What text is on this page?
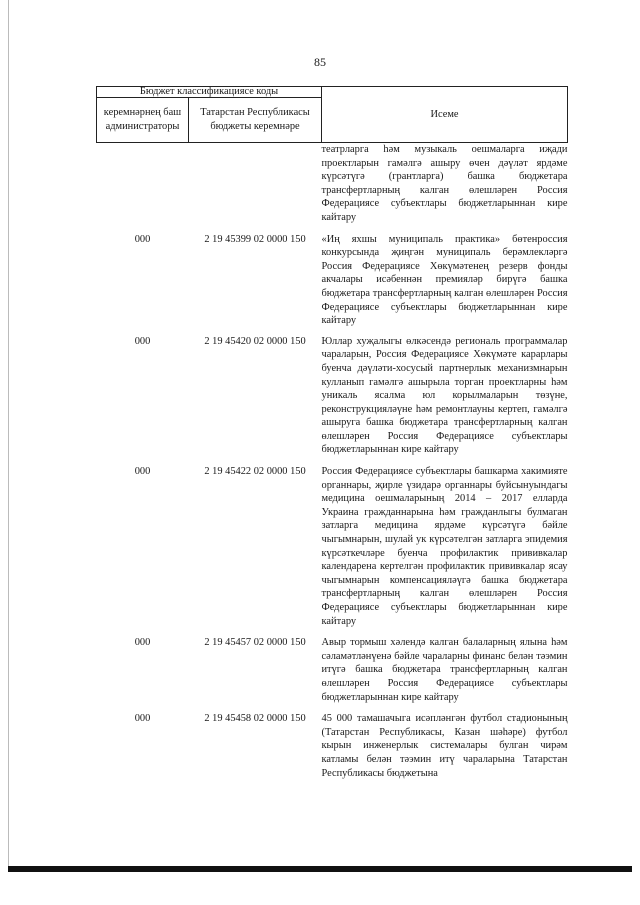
85
Бюджет классификациясе коды		Исеме
керемнәрнең баш администраторы	Татарстан Республикасы бюджеты керемнәре	
		театрларга һәм музыкаль оешмаларга иҗади проектларын гамәлгә ашыру өчен дәүләт ярдәме күрсәтүгә (грантларга) башка бюджетара трансфертларның калган өлешләрен Россия Федерациясе субъектлары бюджетларыннан кире кайтару
000	2 19 45399 02 0000 150	«Иң яхшы муниципаль практика» бөтенроссия конкурсында җиңгән муниципаль берәмлекләргә Россия Федерациясе Хөкүмәтенең резерв фонды акчалары исәбеннән премияләр бирүгә башка бюджетара трансфертларның калган өлешләрен Россия Федерациясе субъектлары бюджетларыннан кире кайтару
000	2 19 45420 02 0000 150	Юллар хуҗалыгы өлкәсендә региональ программалар чараларын, Россия Федерациясе Хөкүмәте карарлары буенча дәүләти-хосусый партнерлык механизмнарын кулланып гамәлгә ашырыла торган проектларны һәм уникаль ясалма юл корылмаларын төзүне, реконструкцияләүне һәм ремонтлауны кертеп, гамәлгә ашыруга башка бюджетара трансфертларның калган өлешләрен Россия Федерациясе субъектлары бюджетларыннан кире кайтару
000	2 19 45422 02 0000 150	Россия Федерациясе субъектлары башкарма хакимияте органнары, җирле үзидарә органнары буйсынуындагы медицина оешмаларының 2014 – 2017 елларда Украина гражданнарына һәм гражданлыгы булмаган затларга медицина ярдәме күрсәтүгә бәйле чыгымнарын, шулай ук күрсәтелгән затларга эпидемия күрсәткечләре буенча профилактик прививкалар календарена кертелгән профилактик прививкалар ясау чыгымнарын компенсацияләүгә башка бюджетара трансфертларның калган өлешләрен Россия Федерациясе субъектлары бюджетларыннан кире кайтару
000	2 19 45457 02 0000 150	Авыр тормыш хәлендә калган балаларның ялына һәм сәламәтләнүенә бәйле чараларны финанс белән тәэмин итүгә башка бюджетара трансфертларның калган өлешләрен Россия Федерациясе субъектлары бюджетларыннан кире кайтару
000	2 19 45458 02 0000 150	45 000 тамашачыга исәпләнгән футбол стадионының (Татарстан Республикасы, Казан шәһәре) футбол кырын инженерлык системалары булган чирәм катламы белән тәэмин итү чараларына Татарстан Республикасы бюджетына
